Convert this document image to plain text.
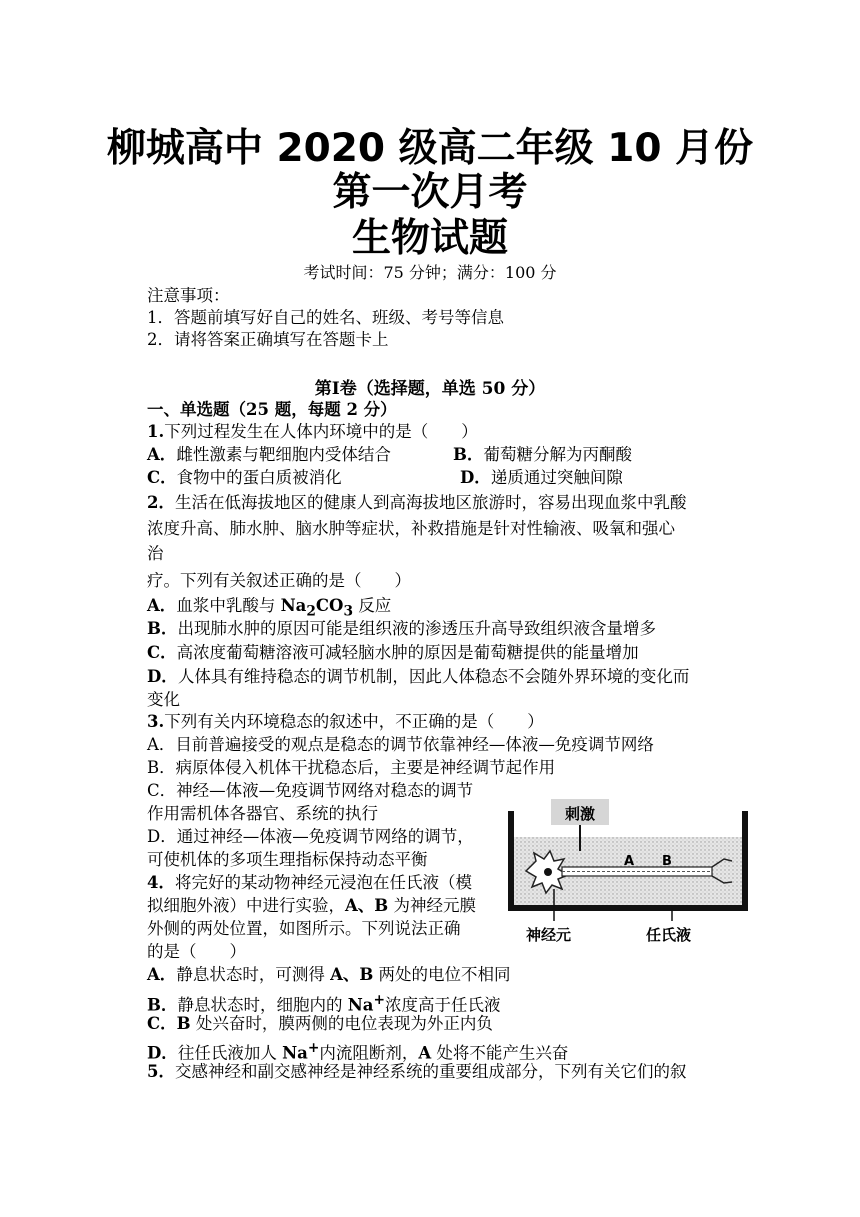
柳城高中 2020 级高二年级 10 月份
第一次月考
生物试题
考试时间：75 分钟；满分：100 分
注意事项：
1．答题前填写好自己的姓名、班级、考号等信息
2．请将答案正确填写在答题卡上
第Ⅰ卷（选择题，单选 50 分）
一、单选题（25 题，每题 2 分）
1.下列过程发生在人体内环境中的是（　　）
A．雌性激素与靶细胞内受体结合	B．葡萄糖分解为丙酮酸
C．食物中的蛋白质被消化	D．递质通过突触间隙
2．生活在低海拔地区的健康人到高海拔地区旅游时，容易出现血浆中乳酸
浓度升高、肺水肿、脑水肿等症状，补救措施是针对性输液、吸氧和强心
治
疗。下列有关叙述正确的是（　　）
A．血浆中乳酸与 $Na_2CO_3$ 反应
B．出现肺水肿的原因可能是组织液的渗透压升高导致组织液含量增多
C．高浓度葡萄糖溶液可减轻脑水肿的原因是葡萄糖提供的能量增加
D．人体具有维持稳态的调节机制，因此人体稳态不会随外界环境的变化而
变化
3.下列有关内环境稳态的叙述中，不正确的是（　　）
A．目前普遍接受的观点是稳态的调节依靠神经—体液—免疫调节网络
B．病原体侵入机体干扰稳态后，主要是神经调节起作用
C．神经—体液—免疫调节网络对稳态的调节
作用需机体各器官、系统的执行
D．通过神经—体液—免疫调节网络的调节，
可使机体的多项生理指标保持动态平衡
4．将完好的某动物神经元浸泡在任氏液（模
拟细胞外液）中进行实验，A、B 为神经元膜
外侧的两处位置，如图所示。下列说法正确
的是（　　）
A．静息状态时，可测得 A、B 两处的电位不相同
B．静息状态时，细胞内的 Na+浓度高于任氏液
C．B 处兴奋时，膜两侧的电位表现为外正内负
D．往任氏液加人 Na+内流阻断剂，A 处将不能产生兴奋
5．交感神经和副交感神经是神经系统的重要组成部分，下列有关它们的叙
刺激
A B
神经元	任氏液
